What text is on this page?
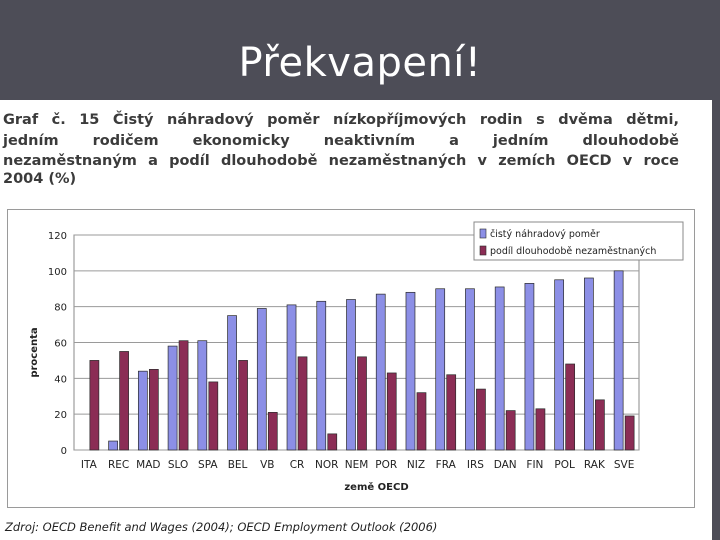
Překvapení!
Graf č. 15 Čistý náhradový poměr nízkopříjmových rodin s dvěma dětmi,
jedním rodičem ekonomicky neaktivním a jedním dlouhodobě
nezaměstnaným a podíl dlouhodobě nezaměstnaných v zemích OECD v roce
2004 (%)
0
20
40
60
80
100
120
ITA REC MAD SLO SPA BEL VB CR NOR NEM POR NIZ FRA IRS DAN FIN POL RAK SVE
země OECD
procenta
čistý náhradový poměr
podíl dlouhodobě nezaměstnaných
Zdroj: OECD Benefit and Wages (2004); OECD Employment Outlook (2006)
